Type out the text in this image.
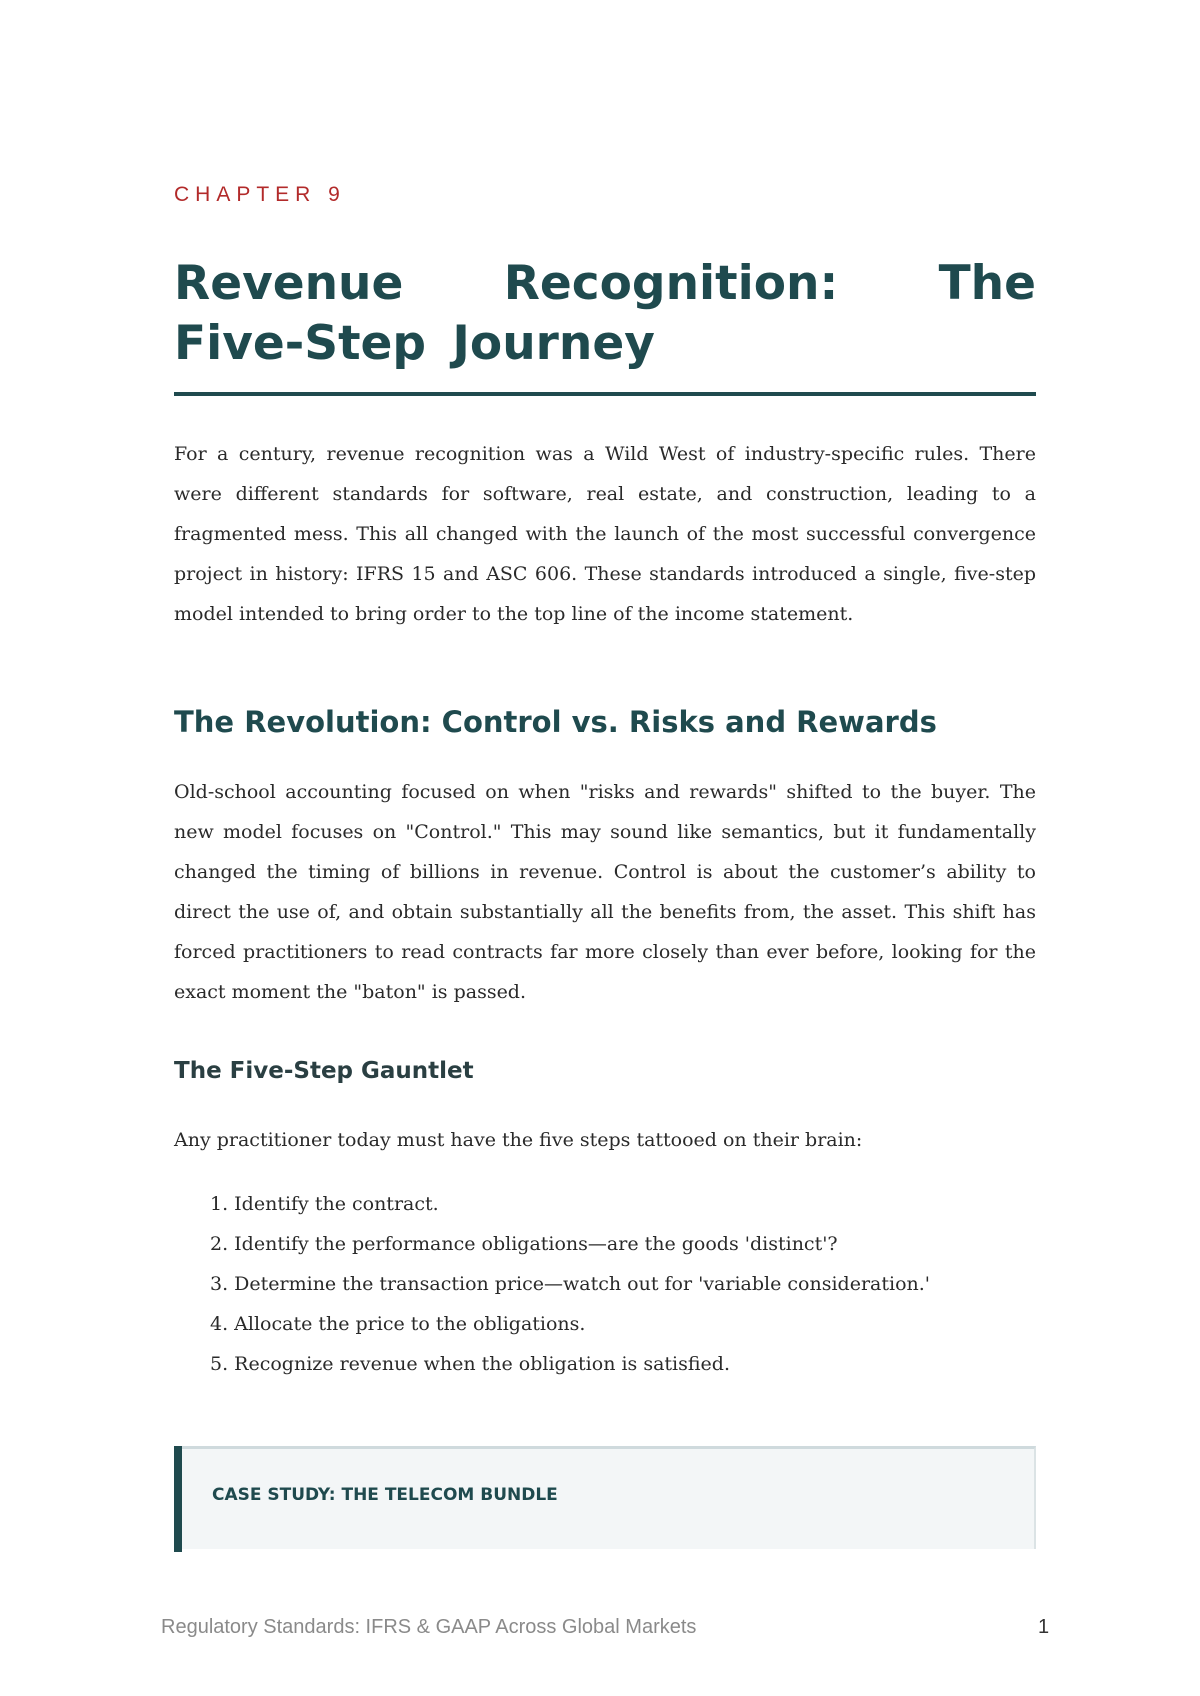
CHAPTER 9

Revenue Recognition: The Five-Step Journey

For a century, revenue recognition was a Wild West of industry-specific rules. There were different standards for software, real estate, and construction, leading to a fragmented mess. This all changed with the launch of the most successful convergence project in history: IFRS 15 and ASC 606. These standards introduced a single, five-step model intended to bring order to the top line of the income statement.

The Revolution: Control vs. Risks and Rewards

Old-school accounting focused on when "risks and rewards" shifted to the buyer. The new model focuses on "Control." This may sound like semantics, but it fundamentally changed the timing of billions in revenue. Control is about the customer’s ability to direct the use of, and obtain substantially all the benefits from, the asset. This shift has forced practitioners to read contracts far more closely than ever before, looking for the exact moment the "baton" is passed.

The Five-Step Gauntlet

Any practitioner today must have the five steps tattooed on their brain:

1. Identify the contract.
2. Identify the performance obligations—are the goods 'distinct'?
3. Determine the transaction price—watch out for 'variable consideration.'
4. Allocate the price to the obligations.
5. Recognize revenue when the obligation is satisfied.

CASE STUDY: THE TELECOM BUNDLE

Regulatory Standards: IFRS & GAAP Across Global Markets	1
